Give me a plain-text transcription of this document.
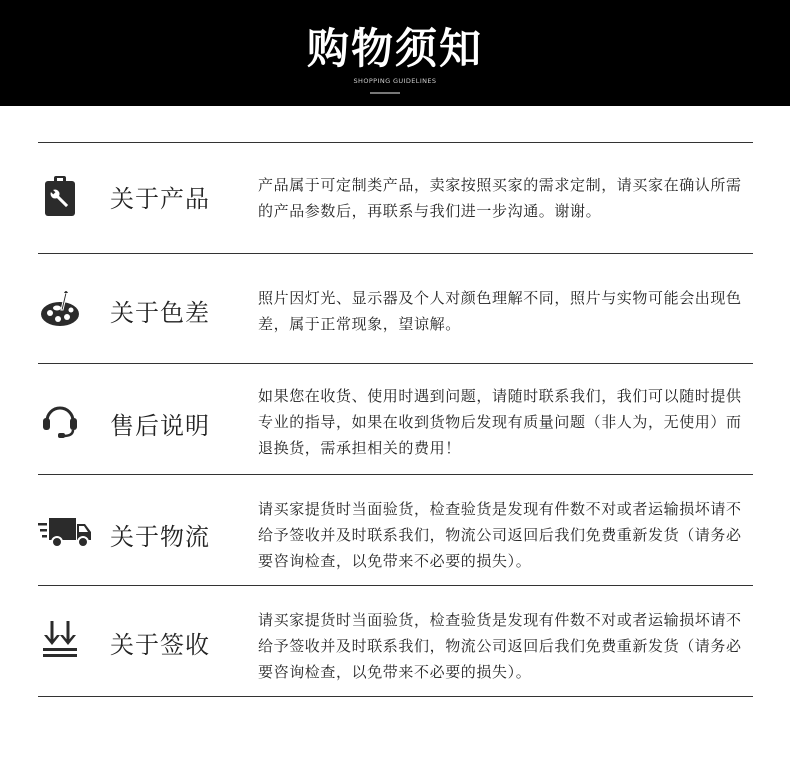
购物须知
SHOPPING GUIDELINES
关于产品	产品属于可定制类产品，卖家按照买家的需求定制，请买家在确认所需的产品参数后，再联系与我们进一步沟通。谢谢。
关于色差
照片因灯光、显示器及个人对颜色理解不同，照片与实物可能会出现色差，属于正常现象，望谅解。
售后说明
如果您在收货、使用时遇到问题，请随时联系我们，我们可以随时提供专业的指导，如果在收到货物后发现有质量问题（非人为，无使用）而退换货，需承担相关的费用！
关于物流
请买家提货时当面验货，检查验货是发现有件数不对或者运输损坏请不给予签收并及时联系我们，物流公司返回后我们免费重新发货（请务必要咨询检查，以免带来不必要的损失）。
关于签收
请买家提货时当面验货，检查验货是发现有件数不对或者运输损坏请不给予签收并及时联系我们，物流公司返回后我们免费重新发货（请务必要咨询检查，以免带来不必要的损失）。
